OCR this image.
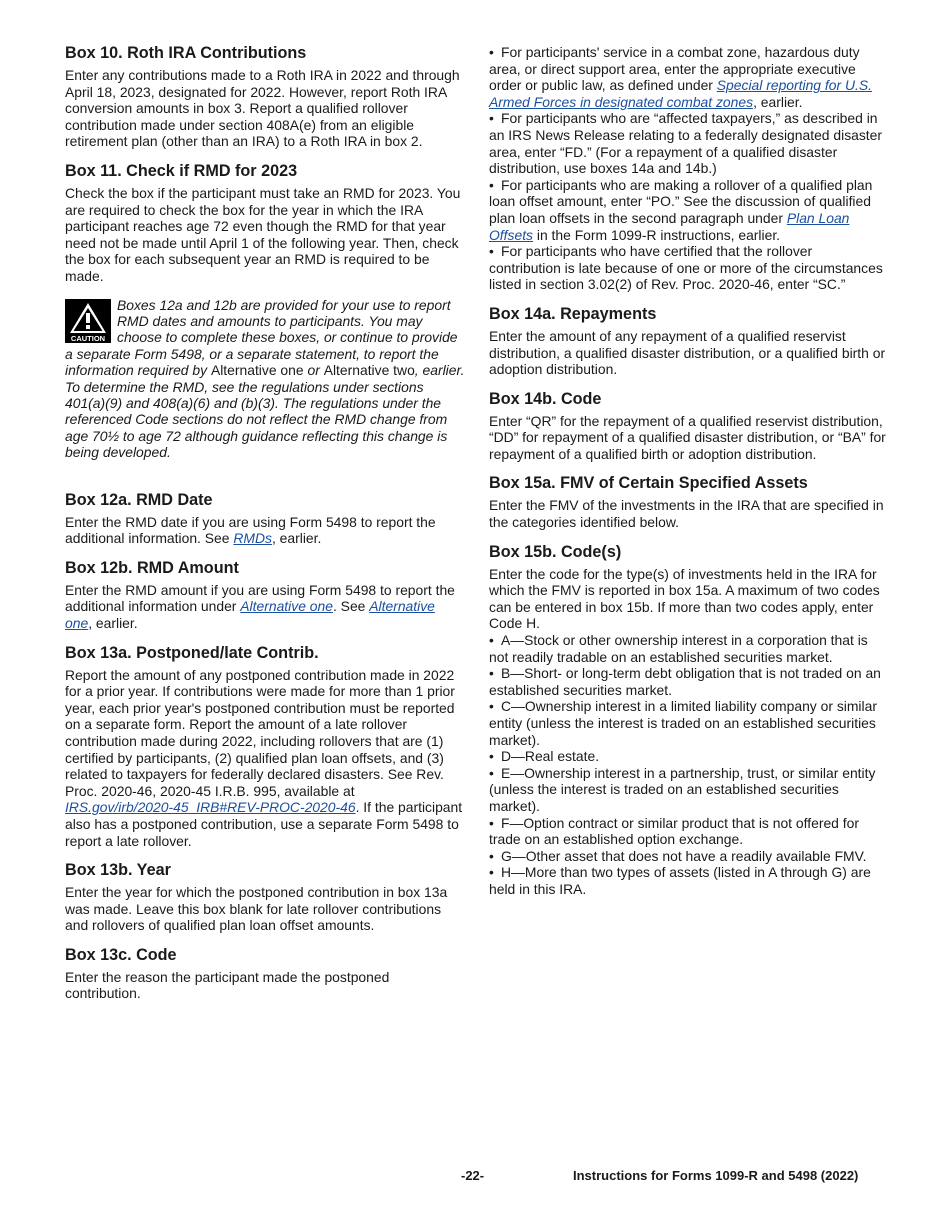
Box 10. Roth IRA Contributions

Enter any contributions made to a Roth IRA in 2022 and through April 18, 2023, designated for 2022. However, report Roth IRA conversion amounts in box 3. Report a qualified rollover contribution made under section 408A(e) from an eligible retirement plan (other than an IRA) to a Roth IRA in box 2.

Box 11. Check if RMD for 2023

Check the box if the participant must take an RMD for 2023. You are required to check the box for the year in which the IRA participant reaches age 72 even though the RMD for that year need not be made until April 1 of the following year. Then, check the box for each subsequent year an RMD is required to be made.

CAUTION

Boxes 12a and 12b are provided for your use to report RMD dates and amounts to participants. You may choose to complete these boxes, or continue to provide a separate Form 5498, or a separate statement, to report the information required by Alternative one or Alternative two, earlier. To determine the RMD, see the regulations under sections 401(a)(9) and 408(a)(6) and (b)(3). The regulations under the referenced Code sections do not reflect the RMD change from age 70½ to age 72 although guidance reflecting this change is being developed.

Box 12a. RMD Date

Enter the RMD date if you are using Form 5498 to report the additional information. See RMDs, earlier.

Box 12b. RMD Amount

Enter the RMD amount if you are using Form 5498 to report the additional information under Alternative one. See Alternative one, earlier.

Box 13a. Postponed/late Contrib.

Report the amount of any postponed contribution made in 2022 for a prior year. If contributions were made for more than 1 prior year, each prior year's postponed contribution must be reported on a separate form. Report the amount of a late rollover contribution made during 2022, including rollovers that are (1) certified by participants, (2) qualified plan loan offsets, and (3) related to taxpayers for federally declared disasters. See Rev. Proc. 2020-46, 2020-45 I.R.B. 995, available at IRS.gov/irb/2020-45_IRB#REV-PROC-2020-46. If the participant also has a postponed contribution, use a separate Form 5498 to report a late rollover.

Box 13b. Year

Enter the year for which the postponed contribution in box 13a was made. Leave this box blank for late rollover contributions and rollovers of qualified plan loan offset amounts.

Box 13c. Code

Enter the reason the participant made the postponed contribution.

• For participants' service in a combat zone, hazardous duty area, or direct support area, enter the appropriate executive order or public law, as defined under Special reporting for U.S. Armed Forces in designated combat zones, earlier.

• For participants who are “affected taxpayers,” as described in an IRS News Release relating to a federally designated disaster area, enter “FD.” (For a repayment of a qualified disaster distribution, use boxes 14a and 14b.)

• For participants who are making a rollover of a qualified plan loan offset amount, enter “PO.” See the discussion of qualified plan loan offsets in the second paragraph under Plan Loan Offsets in the Form 1099-R instructions, earlier.

• For participants who have certified that the rollover contribution is late because of one or more of the circumstances listed in section 3.02(2) of Rev. Proc. 2020-46, enter “SC.”

Box 14a. Repayments

Enter the amount of any repayment of a qualified reservist distribution, a qualified disaster distribution, or a qualified birth or adoption distribution.

Box 14b. Code

Enter “QR” for the repayment of a qualified reservist distribution, “DD” for repayment of a qualified disaster distribution, or “BA” for repayment of a qualified birth or adoption distribution.

Box 15a. FMV of Certain Specified Assets

Enter the FMV of the investments in the IRA that are specified in the categories identified below.

Box 15b. Code(s)

Enter the code for the type(s) of investments held in the IRA for which the FMV is reported in box 15a. A maximum of two codes can be entered in box 15b. If more than two codes apply, enter Code H.

• A—Stock or other ownership interest in a corporation that is not readily tradable on an established securities market.

• B—Short- or long-term debt obligation that is not traded on an established securities market.

• C—Ownership interest in a limited liability company or similar entity (unless the interest is traded on an established securities market).

• D—Real estate.

• E—Ownership interest in a partnership, trust, or similar entity (unless the interest is traded on an established securities market).

• F—Option contract or similar product that is not offered for trade on an established option exchange.

• G—Other asset that does not have a readily available FMV.

• H—More than two types of assets (listed in A through G) are held in this IRA.

-22-	Instructions for Forms 1099-R and 5498 (2022)
